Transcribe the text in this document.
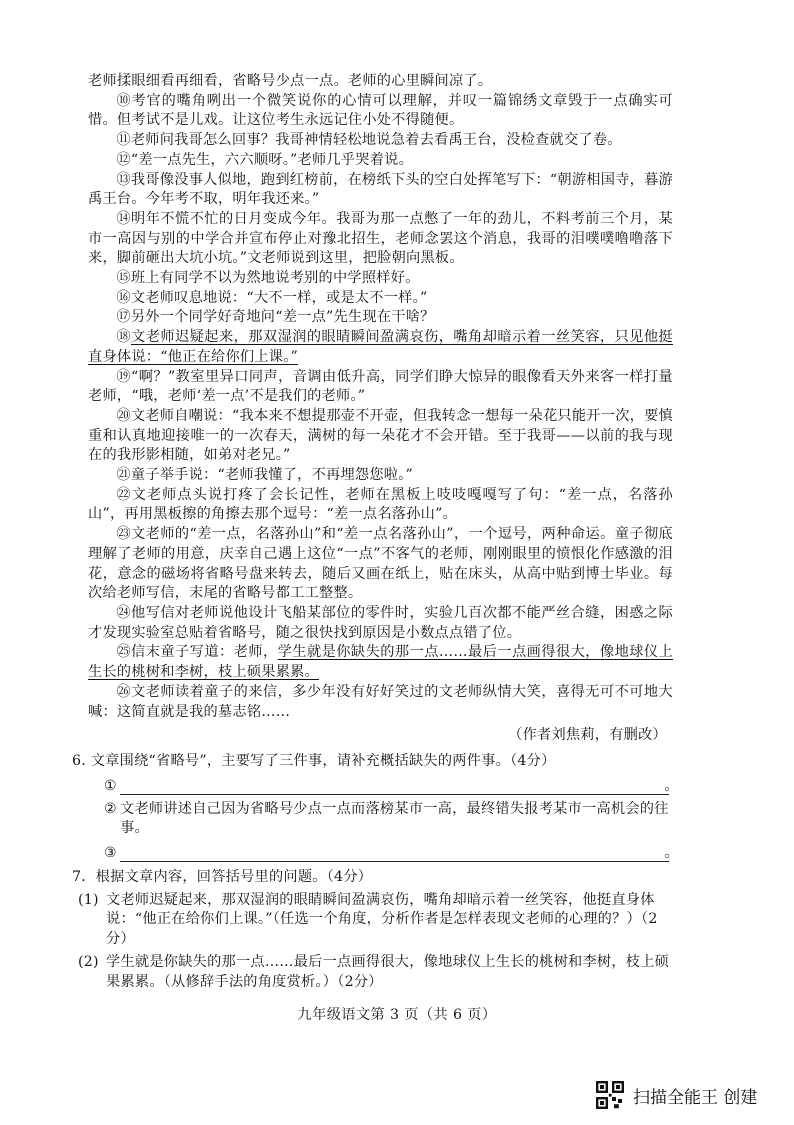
老师揉眼细看再细看，省略号少点一点。老师的心里瞬间凉了。

⑩考官的嘴角咧出一个微笑说你的心情可以理解，并叹一篇锦绣文章毁于一点确实可惜。但考试不是儿戏。让这位考生永远记住小处不得随便。

⑪老师问我哥怎么回事？我哥神情轻松地说急着去看禹王台，没检查就交了卷。

⑫“差一点先生，六六顺呀。”老师几乎哭着说。

⑬我哥像没事人似地，跑到红榜前，在榜纸下头的空白处挥笔写下：“朝游相国寺，暮游禹王台。今年考不取，明年我还来。”

⑭明年不慌不忙的日月变成今年。我哥为那一点憋了一年的劲儿，不料考前三个月，某市一高因与别的中学合并宣布停止对豫北招生，老师念罢这个消息，我哥的泪噗噗噜噜落下来，脚前砸出大坑小坑。”文老师说到这里，把脸朝向黑板。

⑮班上有同学不以为然地说考别的中学照样好。

⑯文老师叹息地说：“大不一样，或是太不一样。”

⑰另外一个同学好奇地问“差一点”先生现在干啥？

⑱文老师迟疑起来，那双湿润的眼睛瞬间盈满哀伤，嘴角却暗示着一丝笑容，只见他挺直身体说：“他正在给你们上课。”

⑲“啊？”教室里异口同声，音调由低升高，同学们睁大惊异的眼像看天外来客一样打量老师，“哦，老师‘差一点’不是我们的老师。”

⑳文老师自嘲说：“我本来不想提那壶不开壶，但我转念一想每一朵花只能开一次，要慎重和认真地迎接唯一的一次春天，满树的每一朵花才不会开错。至于我哥——以前的我与现在的我形影相随，如弟对老兄。”

㉑童子举手说：“老师我懂了，不再埋怨您啦。”

㉒文老师点头说打疼了会长记性，老师在黑板上吱吱嘎嘎写了句：“差一点，名落孙山”，再用黑板擦的角擦去那个逗号：“差一点名落孙山”。

㉓文老师的“差一点，名落孙山”和“差一点名落孙山”，一个逗号，两种命运。童子彻底理解了老师的用意，庆幸自己遇上这位“一点”不客气的老师，刚刚眼里的愤恨化作感激的泪花，意念的磁场将省略号盘来转去，随后又画在纸上，贴在床头，从高中贴到博士毕业。每次给老师写信，末尾的省略号都工工整整。

㉔他写信对老师说他设计飞船某部位的零件时，实验几百次都不能严丝合缝，困惑之际才发现实验室总贴着省略号，随之很快找到原因是小数点点错了位。

㉕信末童子写道：老师，学生就是你缺失的那一点……最后一点画得很大，像地球仪上生长的桃树和李树，枝上硕果累累。

㉖文老师读着童子的来信，多少年没有好好笑过的文老师纵情大笑，喜得无可不可地大喊：这简直就是我的墓志铭……

（作者刘焦莉，有删改）

6. 文章围绕“省略号”，主要写了三件事，请补充概括缺失的两件事。（4分）

①	。
② 文老师讲述自己因为省略号少点一点而落榜某市一高，最终错失报考某市一高机会的往事。
③	。

7．根据文章内容，回答括号里的问题。（4分）

(1) 文老师迟疑起来，那双湿润的眼睛瞬间盈满哀伤，嘴角却暗示着一丝笑容，他挺直身体说：“他正在给你们上课。”（任选一个角度，分析作者是怎样表现文老师的心理的？）（2分）
(2) 学生就是你缺失的那一点……最后一点画得很大，像地球仪上生长的桃树和李树，枝上硕果累累。（从修辞手法的角度赏析。）（2分）
九年级语文第 3 页（共 6 页）
扫描全能王 创建
